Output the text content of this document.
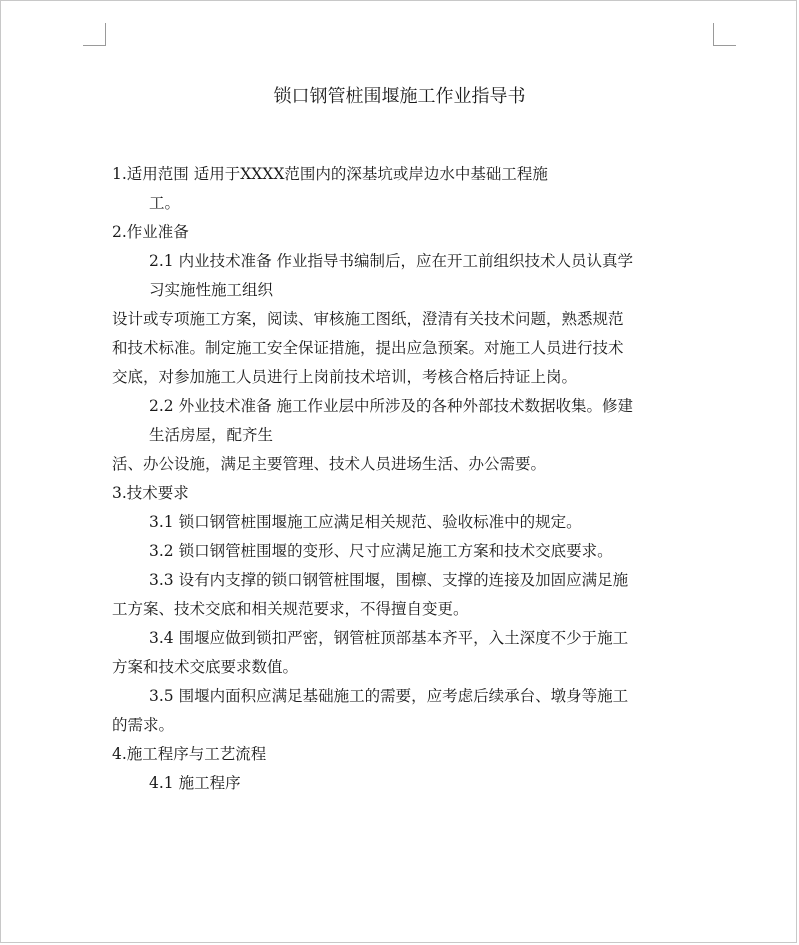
锁口钢管桩围堰施工作业指导书
1.适用范围 适用于XXXX范围内的深基坑或岸边水中基础工程施
工。
2.作业准备
2.1 内业技术准备 作业指导书编制后，应在开工前组织技术人员认真学
习实施性施工组织
设计或专项施工方案，阅读、审核施工图纸，澄清有关技术问题，熟悉规范
和技术标准。制定施工安全保证措施，提出应急预案。对施工人员进行技术
交底，对参加施工人员进行上岗前技术培训，考核合格后持证上岗。
2.2 外业技术准备 施工作业层中所涉及的各种外部技术数据收集。修建
生活房屋，配齐生
活、办公设施，满足主要管理、技术人员进场生活、办公需要。
3.技术要求
3.1 锁口钢管桩围堰施工应满足相关规范、验收标准中的规定。
3.2 锁口钢管桩围堰的变形、尺寸应满足施工方案和技术交底要求。
3.3 设有内支撑的锁口钢管桩围堰，围檩、支撑的连接及加固应满足施
工方案、技术交底和相关规范要求，不得擅自变更。
3.4 围堰应做到锁扣严密，钢管桩顶部基本齐平，入土深度不少于施工
方案和技术交底要求数值。
3.5 围堰内面积应满足基础施工的需要，应考虑后续承台、墩身等施工
的需求。
4.施工程序与工艺流程
4.1 施工程序
